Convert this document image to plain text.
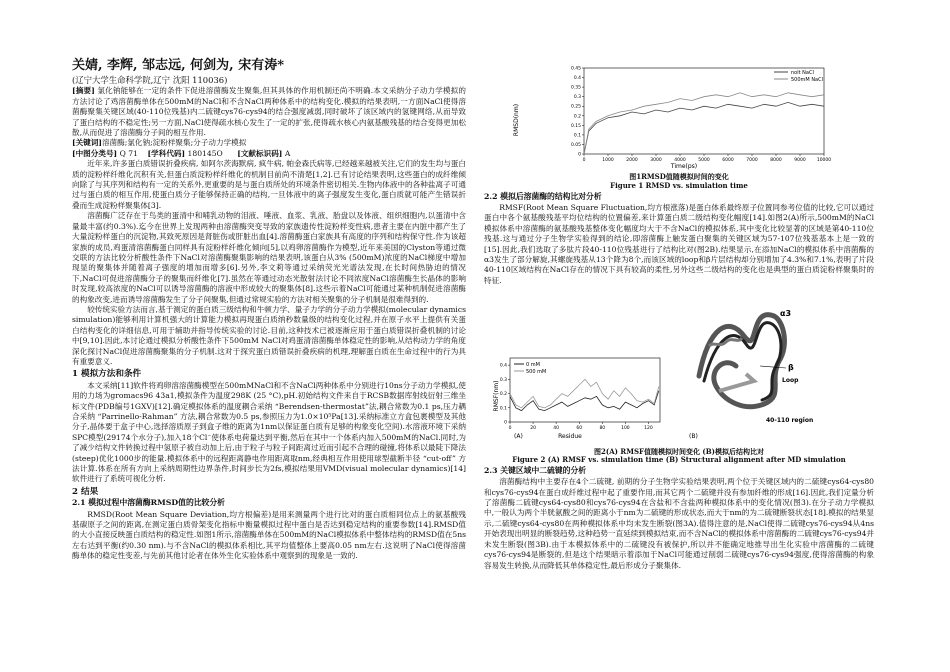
关婧, 李辉, 邹志远, 何剑为, 宋有涛*
(辽宁大学生命科学院,辽宁 沈阳 110036)

[摘要] 氯化钠能够在一定的条件下促进溶菌酶发生聚集,但其具体的作用机制还尚不明确.本文采纳分子动力学模拟的方法讨论了鸡溶菌酶单体在500mM的NaCl和不含NaCl两种体系中的结构变化.模拟的结果表明,一方面NaCl使得溶菌酶聚集关键区域(40-110位残基)内二硫键cys76-cys94的结合强度减弱,同时破坏了该区域内的氢键网络,从而导致了蛋白结构的不稳定性;另一方面,NaCl使得疏水核心发生了一定的扩张,使得疏水核心内氨基酸残基的结合变得更加松散,从而促进了溶菌酶分子间的相互作用.

[关键词]溶菌酶;氯化钠;淀粉样聚集;分子动力学模拟

[中图分类号] Q 71 [学科代码] 180145O [文献标识码] A

近年来,许多蛋白质错误折叠疾病, 如阿尔茨海默病, 疯牛病, 帕金森氏病等,已经越来越被关注,它们的发生均与蛋白质的淀粉样纤维化沉积有关,但蛋白质淀粉样纤维化的机制目前尚不清楚[1,2].已有讨论结果表明,这些蛋白的成纤维倾向除了与其序列和结构有一定的关系外,更重要的是与蛋白质所处的环境条件密切相关.生物内体液中的各种盐离子可通过与蛋白质的相互作用,使蛋白质分子能够保持正确的结构,一旦体液中的离子强度发生变化,蛋白质就可能产生错误折叠而生成淀粉样聚集体[3].

溶菌酶广泛存在于鸟类的蛋清中和哺乳动物的泪液、唾液、血浆、乳液、胎盘以及体液、组织细胞内,以蛋清中含量最丰富(约0.3%).迄今在世界上发现两种由溶菌酶突变导致的家族遗传性淀粉样变性病,患者主要在内脏中都产生了大量淀粉样蛋白的沉淀物,其致死原因是肾脏伤或肝脏出血[4].溶菌酶蛋白家族具有高度的序列和结构保守性.作为该超家族的成员,鸡蛋清溶菌酶蛋白同样具有淀粉样纤维化倾向[5],以鸡卵溶菌酶作为模型,近年来美国的Clyston等通过微交联的方法比较分析酸性条件下NaCl对溶菌酶聚集影响的结果表明,该蛋白从3% (500mM)浓度的NaCl梯度中增加现显的聚集体并随着离子强度的增加而增多[6].另外,李文莉等通过采纳荧光光谱法发现,在长时间热胁迫的情况下,NaCl可促进溶菌酶分子的聚集而纤维化[7].虽然在等通过动态光散射法讨论不同浓度NaCl溶菌酶生长晶体的影响时发现,较高浓度的NaCl可以诱导溶菌酶的溶液中形成较大的聚集体[8].这些示着NaCl可能通过某种机制促进溶菌酶的构象改变,进而诱导溶菌酶发生了分子间聚集,但通过常规实验的方法对相关聚集的分子机制是很难得到的.

较传统实验方法而言,基于测定的蛋白质三级结构和牛顿力学、量子力学的分子动力学模拟(molecular dynamics simulation)能够利用计算机强大的计算能力模拟再现蛋白质纳秒数量级的结构变化过程,并在原子水平上提供有关蛋白结构变化的详细信息,可用于辅助并指导传统实验的讨论.目前,这种技术已被逐渐应用于蛋白质错误折叠机制的讨论中[9,10].因此,本讨论通过模拟分析酸性条件下500mM NaCl对鸡蛋清溶菌酶单体稳定性的影响,从结构动力学的角度深化探讨NaCl促进溶菌酶聚集的分子机制.这对于探究蛋白质错误折叠疾病的机理,理解蛋白质在生命过程中的行为具有重要意义.

1 模拟方法和条件

本文采纳[11]软件将鸡卵溶溶菌酶模型在500mMNaCl和不含NaCl两种体系中分别进行10ns分子动力学模拟,使用的力场为gromacs96 43a1,模拟条件为温度298K (25 °C),pH.初始结构文件来自于RCSB数据库射线衍射三维坐标文件(PDB编号1GXV)[12].确定模拟体系的温度耦合采纳 “Berendsen-thermostat”法,耦合常数为0.1 ps,压力耦合采纳 “Parrinello-Rahman” 方法,耦合常数为0.5 ps,参照压力为1.0×10⁵Pa[13].采纳标准立方盒包裹模型及其他分子,晶体要于盒子中心,选择溶质原子到盒子维的距离为1nm以保证蛋白质有足够的构象变化空间).水溶液环境下采纳SPC模型(29174个水分子),加入18个Cl⁻使体系电荷量达到平衡,然后在其中一个体系内加入500mM的NaCl.同时,为了减少结构文件转换过程中氢原子被自动加上后,由于粒子与粒子间距离过近而引起不合理的碰撞,将体系以最陡下降法(steep)优化1000步的能量.模拟体系中的远程距离静电作用距离取nm,经典相互作用使用球型截断半径 “cut-off” 方法计算.体系在所有方向上采纳周期性边界条件,时间步长为2fs,模拟结果用VMD(visual molecular dynamics)[14]软件进行了系统可视化分析.

2 结果
2.1 模拟过程中溶菌酶RMSD值的比较分析

RMSD(Root Mean Square Deviation,均方根偏差)是用来测量两个进行比对的蛋白质相同位点上的氨基酸残基碳原子之间的距离,在测定蛋白质骨架变化指标中衡量模拟过程中蛋白是否达到稳定结构的重要参数[14].RMSD值的大小直接反映蛋白质结构的稳定性.如图1所示,溶菌酶单体在500mM的NaCl模拟体系中整体结构的RMSD值在5ns左右达到平衡(约0.30 nm).与不含NaCl的模拟体系相比,其平均值整体上要高0.05 nm左右.这说明了NaCl使得溶菌酶单体的稳定性变差,与先前其他讨论者在体外生化实验体系中观察到的现象是一致的.

0	1000	2000	3000	4000	5000	6000	7000	8000	9000 10000
0
0.05
0.1
0.15
0.2
0.25
0.3
0.35
0.4
0.45
RMSD(nm)
Time(ps)
nolt NaCl
500mM NaCl
图1RMSD值随模拟时间的变化
Figure 1 RMSD vs. simulation time
2.2 模拟后溶菌酶的结构比对分析

RMSF(Root Mean Square Fluctuation,均方根涨落)是蛋白体系最终原子位置同参考位值的比较,它可以通过蛋白中各个氨基酸残基平均位结构的位置偏差,来计算蛋白质二级结构变化幅度[14].如图2(A)所示,500mM的NaCl模拟体系中溶菌酶的氨基酸残基整体变化幅度均大于不含NaCl的模拟体系,其中变化比较显著的区域是第40-110位残基.这与通过分子生物学实验得到的结论,即溶菌酶上触发蛋白聚集的关键区域为57-107位残基基本上是一致的[15].因此,我们选取了多肽片段40-110位残基进行了结构比对(图2B).结果显示,在添加NaCl的模拟体系中溶菌酶的α3发生了部分解旋,其螺旋残基从13个降为8个,而该区域的loop和β片层结构却分别增加了4.3%和7.1%,表明了片段40-110区域结构在NaCl存在的情况下具有较高的柔性,另外这些二级结构的变化也是典型的蛋白质淀粉样聚集时的特征.

0	20	40	60	80	100	120
0
0.1
0.2
0.3
0.4
RMSF(nm)
Residue
(A)
0 mM
500 mM
α3
β
Loop
40-110 region
(B)
图2(A) RMSF值随模拟时间变化 (B)模拟后结构比对
Figure 2 (A) RMSF vs. simulation time (B) Structural alignment after MD simulation
2.3 关键区域中二硫键的分析

溶菌酶结构中主要存在4个二硫键, 前期的分子生物学实验结果表明,两个位于关键区域内的二硫键cys64-cys80和cys76-cys94在蛋白成纤维过程中起了重要作用,而其它两个二硫键并没有参加纤维的形成[16].因此,我们定量分析了溶菌酶二硫键cys64-cys80和cys76-cys94在含盐和不含盐两种模拟体系中的变化情况(图3).在分子动力学模拟中,一般认为两个半胱氨酸之间的距离小于nm为二硫键的形成状态,而大于nm的为二硫键断裂状态[18].模拟的结果显示,二硫键cys64-cys80在两种模拟体系中均未发生断裂(图3A).值得注意的是,NaCl使得二硫键cys76-cys94从4ns开始表现出明显的断裂趋势,这种趋势一直延续到模拟结束,而不含NaCl的模拟体系中溶菌酶的二硫键cys76-cys94并未发生断裂(图3B).由于本模拟体系中的二硫键没有被保护,所以并不能确定地推导出生化实验中溶菌酶的二硫键cys76-cys94是断裂的,但是这个结果暗示着添加于NaCl可能通过削弱二硫键cys76-cys94强度,使得溶菌酶的构象容易发生转换,从而降低其单体稳定性,最后形成分子聚集体.
